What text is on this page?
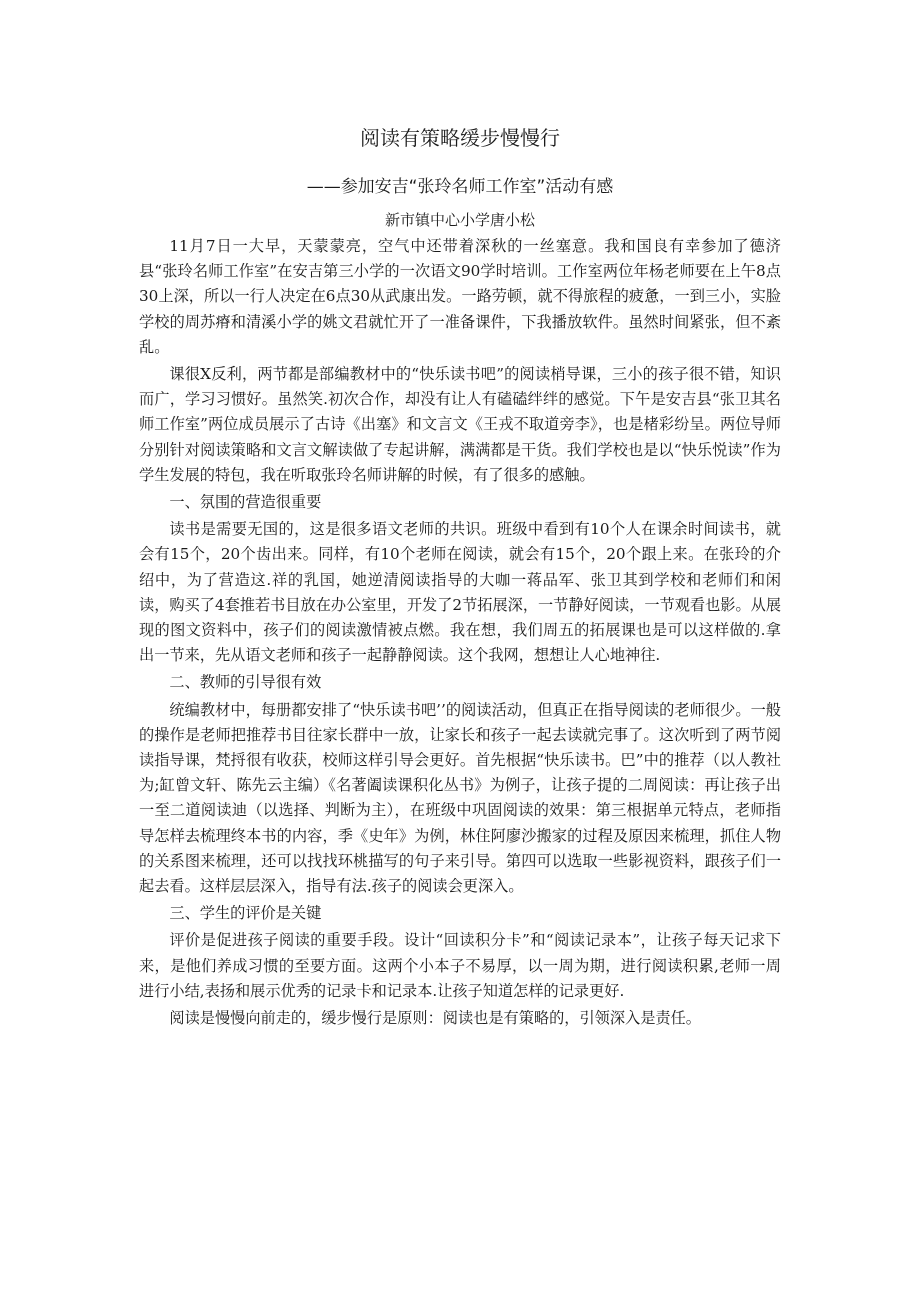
阅读有策略缓步慢慢行
——参加安吉“张玲名师工作室”活动有感

新市镇中心小学唐小松

11月7日一大早，天蒙蒙亮，空气中还带着深秋的一丝塞意。我和国良有幸参加了德济县“张玲名师工作室”在安吉第三小学的一次语文90学时培训。工作室两位年杨老师要在上午8点30上深，所以一行人决定在6点30从武康出发。一路劳顿，就不得旅程的疲惫，一到三小，实脸学校的周苏瘠和清溪小学的姚文君就忙开了一准备课件，下我播放软件。虽然时间紧张，但不紊乱。

课很X反利，两节都是部编教材中的“快乐读书吧”的阅读梢导课，三小的孩子很不错，知识而广，学习习惯好。虽然笑.初次合作，却没有让人有磕磕绊绊的感觉。下午是安吉县“张卫其名师工作室”两位成员展示了古诗《出塞》和文言文《王戎不取道旁李》，也是楮彩纷呈。两位导师分别针对阅读策略和文言文解读做了专起讲解，满满都是干货。我们学校也是以“快乐悦读”作为学生发展的特包，我在听取张玲名师讲解的时候，有了很多的感触。

一、氛围的营造很重要

读书是需要无国的，这是很多语文老师的共识。班级中看到有10个人在课余时间读书，就会有15个，20个齿出来。同样，有10个老师在阅读，就会有15个，20个跟上来。在张玲的介绍中，为了营造这.祥的乳国，她逆清阅读指导的大咖一蒋品军、张卫其到学校和老师们和闲读，购买了4套推若书目放在办公室里，开发了2节拓展深，一节静好阅读，一节观看也影。从展现的图文资料中，孩子们的阅读激情被点燃。我在想，我们周五的拓展课也是可以这样做的.拿出一节来，先从语文老师和孩子一起静静阅读。这个我网，想想让人心地神往.

二、教师的引导很有效

统编教材中，每册都安排了“快乐读书吧’’的阅读活动，但真正在指导阅读的老师很少。一般的操作是老师把推荐书目往家长群中一放，让家长和孩子一起去读就完事了。这次听到了两节阅读指导课，梵捋很有收获，校师这样引导会更好。首先根据“快乐读书。巴”中的推荐（以人教社为;缸曾文轩、陈先云主编）《名著阖读课积化丛书》为例子，让孩子提的二周阅读：再让孩子出一至二道阅读迪（以选择、判断为主），在班级中巩固阅读的效果：第三根据单元特点，老师指导怎样去梳理终本书的内容，季《史年》为例，林住阿廖沙搬家的过程及原因来梳理，抓住人物的关系图来梳理，还可以找找环桃描写的句子来引导。第四可以选取一些影视资料，跟孩子们一起去看。这样层层深入，指导有法.孩子的阅读会更深入。

三、学生的评价是关键

评价是促进孩子阅读的重要手段。设计“回读积分卡”和“阅读记录本”，让孩子每天记求下来，是他们养成习惯的至要方面。这两个小本子不易厚，以一周为期，进行阅读积累,老师一周进行小结,表扬和展示优秀的记录卡和记录本.让孩子知道怎样的记录更好.

阅读是慢慢向前走的，缓步慢行是原则：阅读也是有策略的，引领深入是责任。
